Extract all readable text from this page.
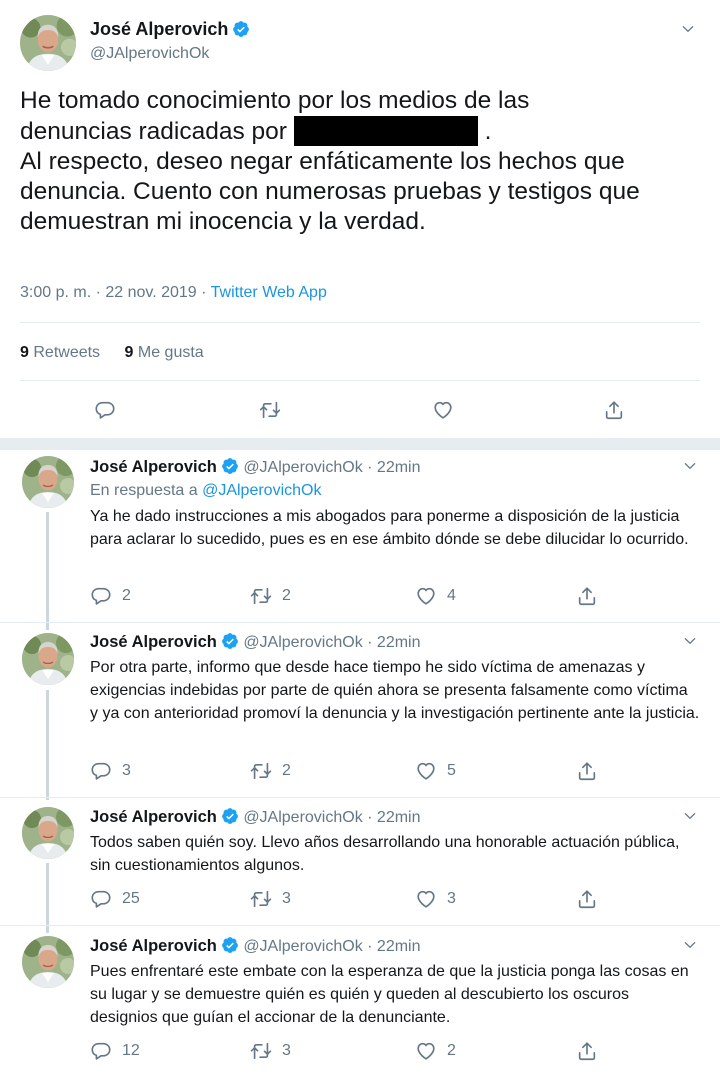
José Alperovich
@JAlperovichOk
He tomado conocimiento por los medios de las
denuncias radicadas por	.
Al respecto, deseo negar enfáticamente los hechos que denuncia. Cuento con numerosas pruebas y testigos que demuestran mi inocencia y la verdad.
3:00 p. m. · 22 nov. 2019 · Twitter Web App
9 Retweets 9 Me gusta
José Alperovich @JAlperovichOk · 22min
En respuesta a @JAlperovichOk
Ya he dado instrucciones a mis abogados para ponerme a disposición de la justicia para aclarar lo sucedido, pues es en ese ámbito dónde se debe dilucidar lo ocurrido.
2	2	4
José Alperovich @JAlperovichOk · 22min
Por otra parte, informo que desde hace tiempo he sido víctima de amenazas y exigencias indebidas por parte de quién ahora se presenta falsamente como víctima y ya con anterioridad promoví la denuncia y la investigación pertinente ante la justicia.
3	2	5
José Alperovich @JAlperovichOk · 22min
Todos saben quién soy. Llevo años desarrollando una honorable actuación pública, sin cuestionamientos algunos.
25	3	3
José Alperovich @JAlperovichOk · 22min
Pues enfrentaré este embate con la esperanza de que la justicia ponga las cosas en su lugar y se demuestre quién es quién y queden al descubierto los oscuros designios que guían el accionar de la denunciante.
12	3	2
